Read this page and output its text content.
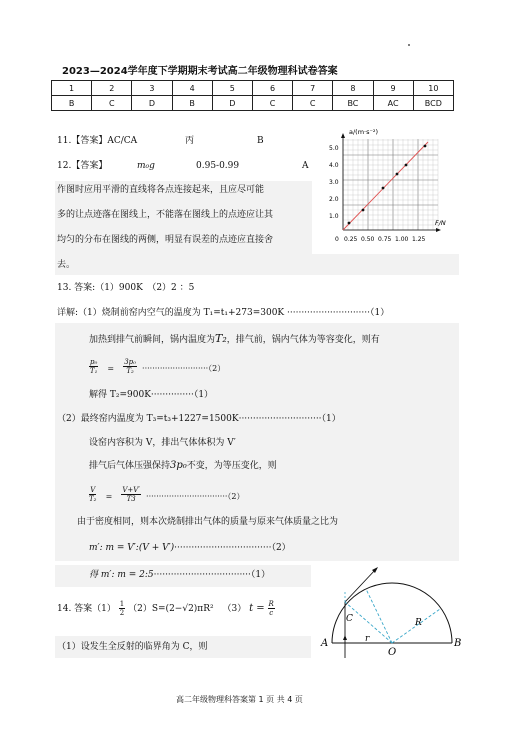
2023—2024学年度下学期期末考试高二年级物理科试卷答案
1	2	3	4	5	6	7	8	9	10
B	C	D	B	D	C	C	BC	AC	BCD
11.【答案】AC/CA	丙	B
12.【答案】	m₀g	0.95-0.99	A
作图时应用平滑的直线将各点连接起来，且应尽可能
多的让点迹落在图线上，不能落在图线上的点迹应让其
均匀的分布在图线的两侧，明显有误差的点迹应直接舍
去。
a/(m·s⁻²)
F/N
5.0
4.0
3.0
2.0
1.0
0 0.25 0.50 0.75 1.00 1.25
13. 答案:（1）900K　（2）2 ：5
详解:（1）烧制前窑内空气的温度为 T₁=t₁+273=300K ·····························（1）
加热到排气前瞬间，锅内温度为T₂，排气前，锅内气体为等容变化，则有
$\frac{\text{p₀}}{\text{T₁}} = \frac{\text{3p₀}}{\text{T₂}} \cdot\cdot\cdot\cdot\cdot\cdot\cdot\cdot\cdot\cdot\cdot\cdot\cdot\cdot\cdot\cdot\cdot\cdot\cdot\cdot\cdot\cdot\cdot\cdot\cdot\cdot(2)$
解得 T₂=900K···············（1）
（2）最终窑内温度为 T₃=t₃+1227=1500K·····························（1）
设窑内容积为 V，排出气体体积为 V′
排气后气体压强保持3p₀不变，为等压变化，则
$\frac{V}{\text{T₂}} = \frac{V+V'}{T3} \cdot\cdot\cdot\cdot\cdot\cdot\cdot\cdot\cdot\cdot\cdot\cdot\cdot\cdot\cdot\cdot\cdot\cdot\cdot\cdot\cdot\cdot\cdot\cdot\cdot\cdot\cdot\cdot\cdot\cdot\cdot\cdot(2)$
由于密度相同，则本次烧制排出气体的质量与原来气体质量之比为
m′: m = V′:(V + V′)··································（2）
得 m′: m = 2:5··································（1）
14. 答案$(1) \frac{1}{2} (2)S=(2-√2)\pi R^2$ （3） $t = \frac{R}{c}$
（1）设发生全反射的临界角为 C，则	A	B
O
C	R
r
高二年级物理科答案第 1 页 共 4 页
